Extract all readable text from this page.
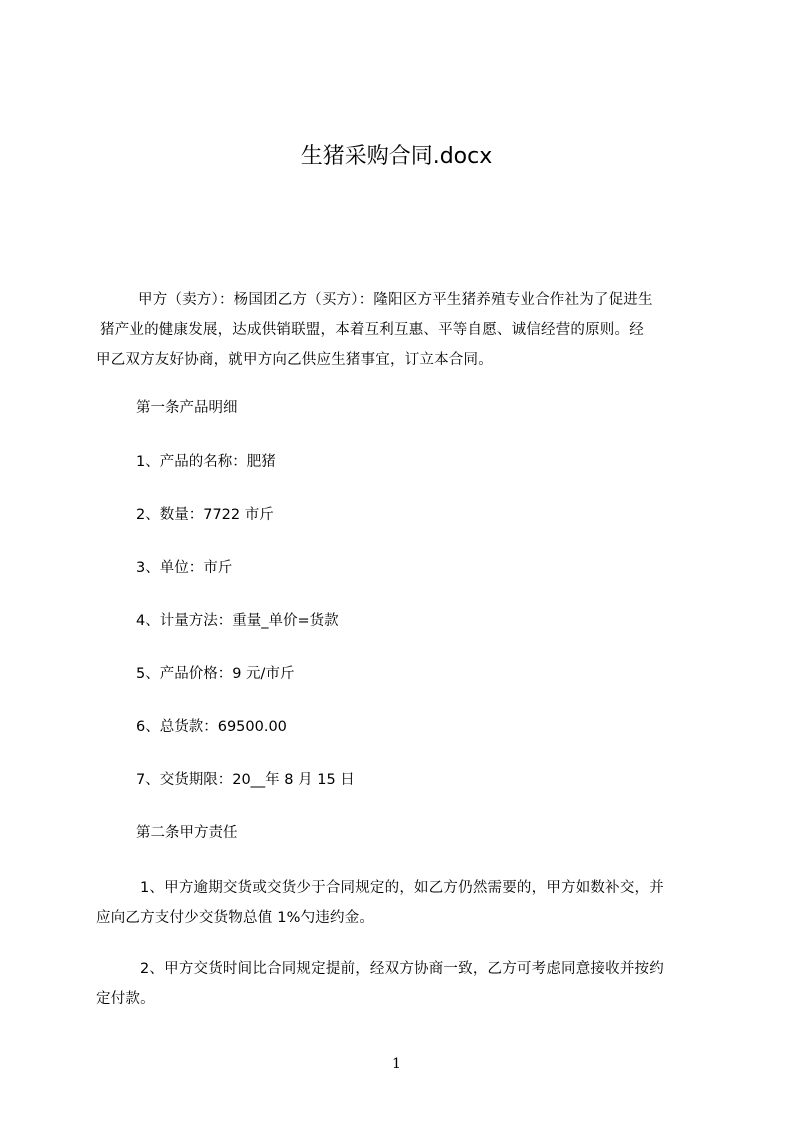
生猪采购合同.docx

甲方（卖方）：杨国团乙方（买方）：隆阳区方平生猪养殖专业合作社为了促进生
猪产业的健康发展，达成供销联盟，本着互利互惠、平等自愿、诚信经营的原则。经
甲乙双方友好协商，就甲方向乙供应生猪事宜，订立本合同。

第一条产品明细

1、产品的名称：肥猪

2、数量：7722 市斤

3、单位：市斤

4、计量方法：重量_单价=货款

5、产品价格：9 元/市斤

6、总货款：69500.00

7、交货期限：20__年 8 月 15 日

第二条甲方责任

1、甲方逾期交货或交货少于合同规定的，如乙方仍然需要的，甲方如数补交，并
应向乙方支付少交货物总值 1%勺违约金。

2、甲方交货时间比合同规定提前，经双方协商一致，乙方可考虑同意接收并按约
定付款。

1
